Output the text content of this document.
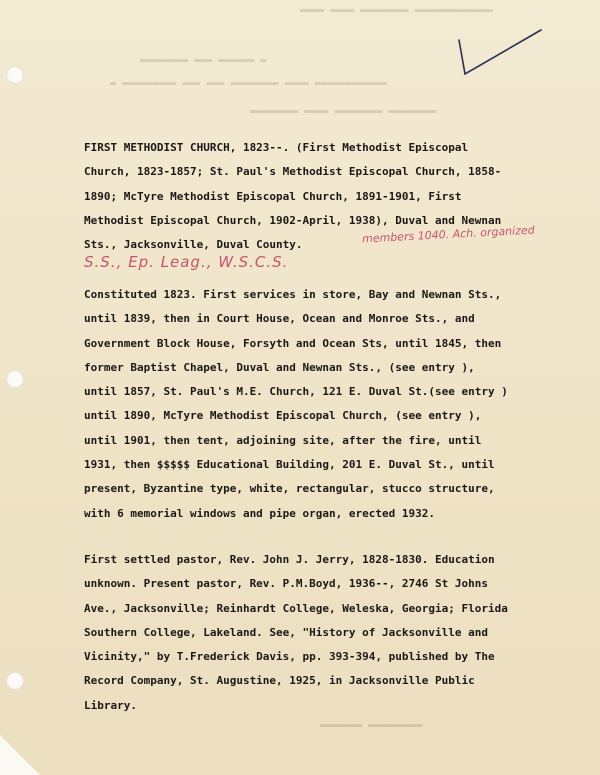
▬▬▬▬ ▬▬▬▬ ▬▬▬▬▬▬▬▬ ▬▬▬▬▬▬▬▬▬▬▬▬▬
▬▬▬▬▬▬▬▬ ▬▬▬ ▬▬▬▬▬▬ ▬
▬ ▬▬▬▬▬▬▬▬▬ ▬▬▬ ▬▬▬ ▬▬▬▬▬▬▬▬ ▬▬▬▬ ▬▬▬▬▬▬▬▬▬▬▬▬
▬▬▬▬▬▬▬▬ ▬▬▬▬ ▬▬▬▬▬▬▬▬ ▬▬▬▬▬▬▬▬
▬▬▬▬▬▬▬ ▬▬▬▬▬▬▬▬▬
FIRST METHODIST CHURCH, 1823--. (First Methodist Episcopal
Church, 1823-1857; St. Paul's Methodist Episcopal Church, 1858-
1890; McTyre Methodist Episcopal Church, 1891-1901, First
Methodist Episcopal Church, 1902-April, 1938), Duval and Newnan
Sts., Jacksonville, Duval County.	members 1040. Ach. organized
S.S., Ep. Leag., W.S.C.S.
Constituted 1823. First services in store, Bay and Newnan Sts.,
until 1839, then in Court House, Ocean and Monroe Sts., and
Government Block House, Forsyth and Ocean Sts, until 1845, then
former Baptist Chapel, Duval and Newnan Sts., (see entry ),
until 1857, St. Paul's M.E. Church, 121 E. Duval St.(see entry )
until 1890, McTyre Methodist Episcopal Church, (see entry ),
until 1901, then tent, adjoining site, after the fire, until
1931, then $$$$$ Educational Building, 201 E. Duval St., until
present, Byzantine type, white, rectangular, stucco structure,
with 6 memorial windows and pipe organ, erected 1932.
First settled pastor, Rev. John J. Jerry, 1828-1830. Education
unknown. Present pastor, Rev. P.M.Boyd, 1936--, 2746 St Johns
Ave., Jacksonville; Reinhardt College, Weleska, Georgia; Florida
Southern College, Lakeland. See, "History of Jacksonville and
Vicinity," by T.Frederick Davis, pp. 393-394, published by The
Record Company, St. Augustine, 1925, in Jacksonville Public
Library.
